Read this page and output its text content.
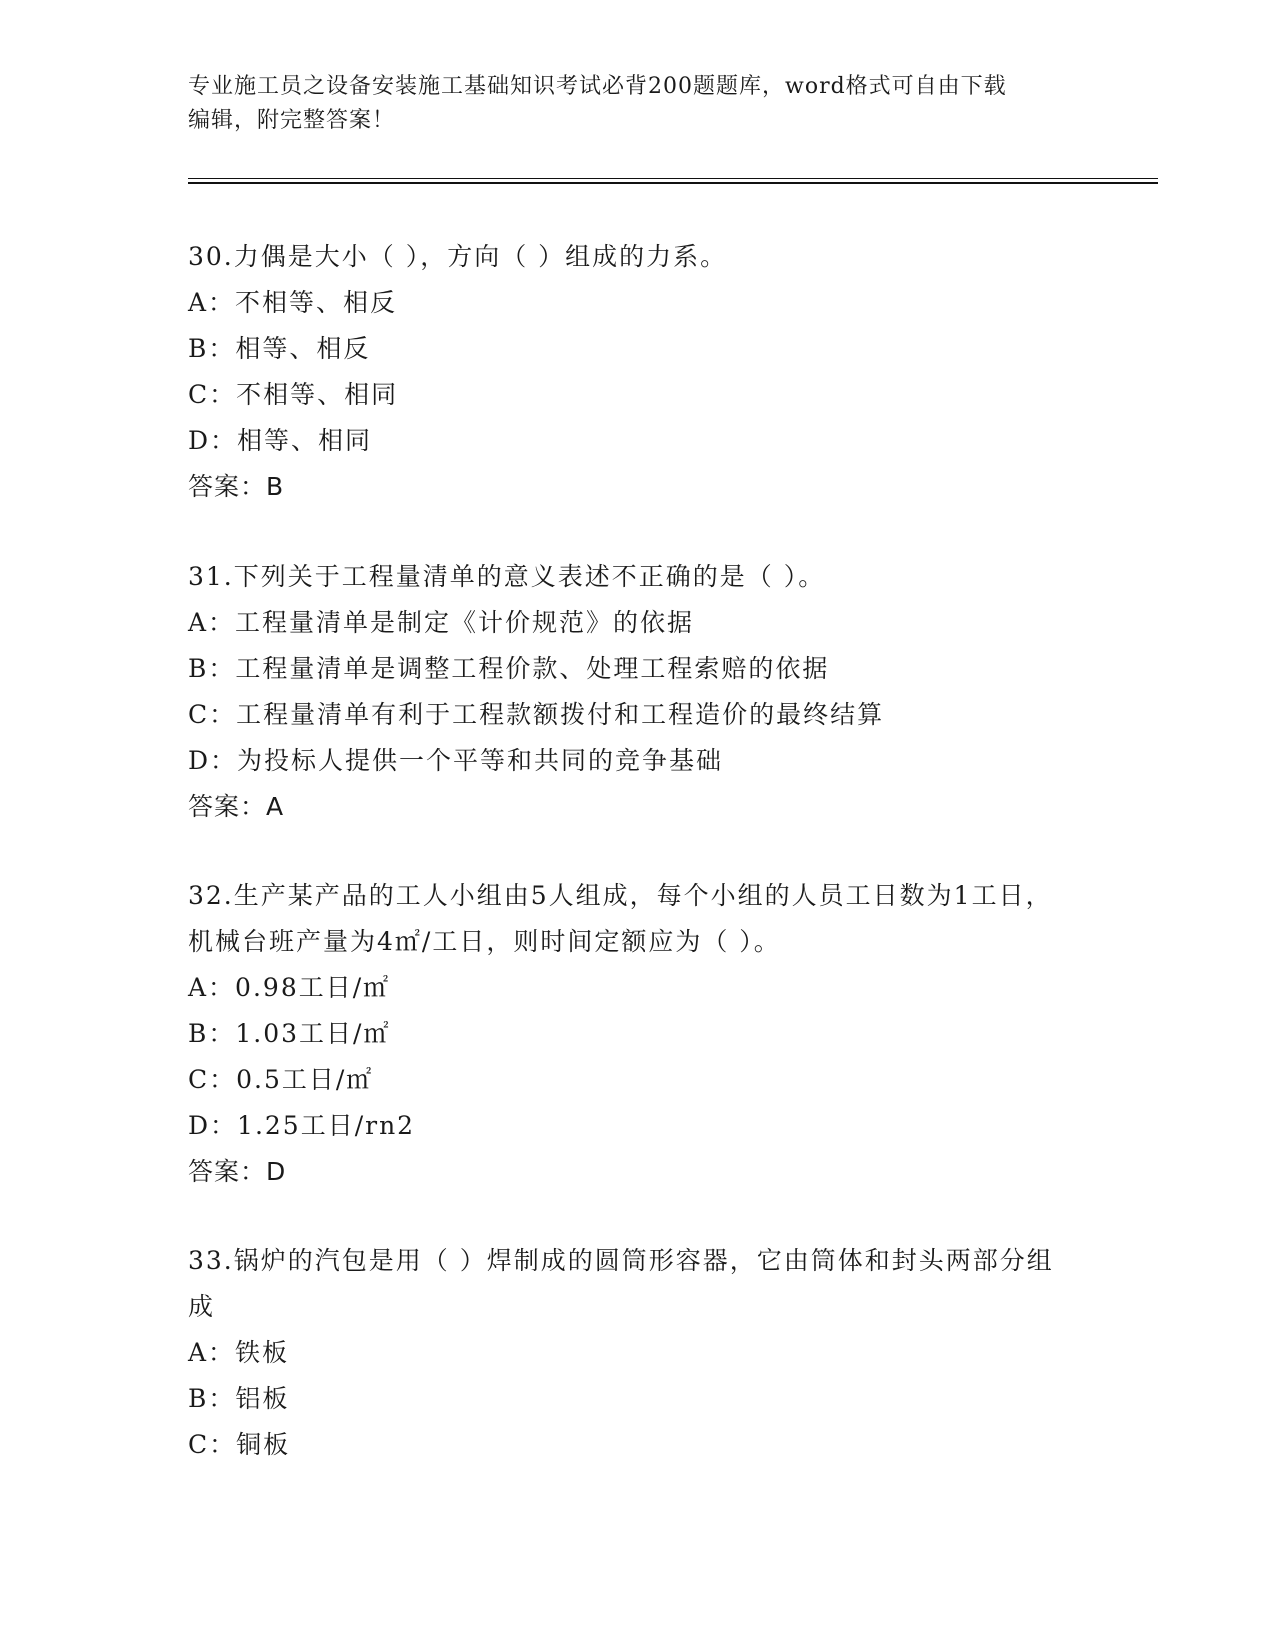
专业施工员之设备安装施工基础知识考试必背200题题库，word格式可自由下载
编辑，附完整答案！
30.力偶是大小（ ），方向（ ）组成的力系。
A：不相等、相反
B：相等、相反
C：不相等、相同
D：相等、相同
答案：B
31.下列关于工程量清单的意义表述不正确的是（ ）。
A：工程量清单是制定《计价规范》的依据
B：工程量清单是调整工程价款、处理工程索赔的依据
C：工程量清单有利于工程款额拨付和工程造价的最终结算
D：为投标人提供一个平等和共同的竞争基础
答案：A
32.生产某产品的工人小组由5人组成，每个小组的人员工日数为1工日，机械台班产量为4㎡/工日，则时间定额应为（ ）。
A：0.98工日/㎡
B：1.03工日/㎡
C：0.5工日/㎡
D：1.25工日/rn2
答案：D
33.锅炉的汽包是用（ ）焊制成的圆筒形容器，它由筒体和封头两部分组成
A：铁板
B：铝板
C：铜板
